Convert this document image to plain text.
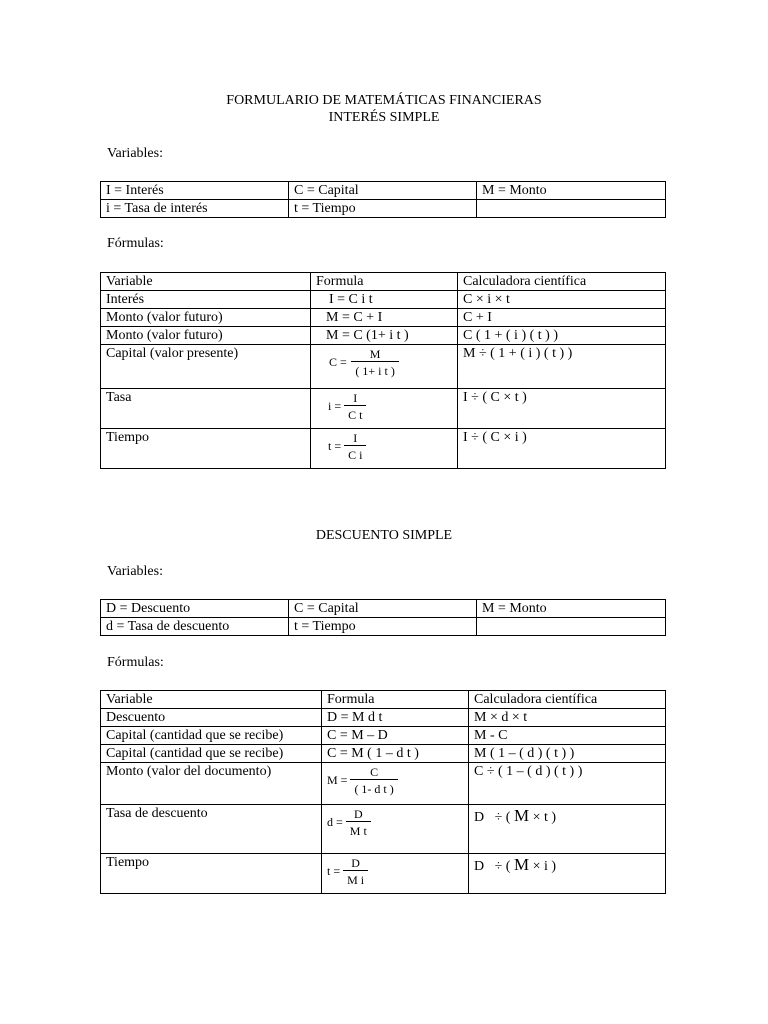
FORMULARIO DE MATEMÁTICAS FINANCIERAS
INTERÉS SIMPLE
Variables:
I = Interés	C = Capital	M = Monto
i = Tasa de interés	t = Tiempo	
Fórmulas:
Variable	Formula	Calculadora científica
Interés	I = C i t	C × i × t
Monto (valor futuro)	M = C + I	C + I
Monto (valor futuro)	M = C (1+ i t )	C ( 1 + ( i ) ( t ) )
Capital (valor presente)	$C = \frac{M}{\text{( 1+ i t )}}$	M ÷ ( 1 + ( i ) ( t ) )
Tasa	$i = \frac{I}{\text{C t}}$	I ÷ ( C × t )
Tiempo	$t = \frac{I}{\text{C i}}$	I ÷ ( C × i )
DESCUENTO SIMPLE
Variables:
D = Descuento	C = Capital	M = Monto
d = Tasa de descuento	t = Tiempo	
Fórmulas:
Variable	Formula	Calculadora científica
Descuento	D = M d t	M × d × t
Capital (cantidad que se recibe)	C = M – D	M - C
Capital (cantidad que se recibe)	C = M ( 1 – d t )	M ( 1 – ( d ) ( t ) )
Monto (valor del documento)	$M = \frac{C}{\text{( 1- d t )}}$	C ÷ ( 1 – ( d ) ( t ) )
Tasa de descuento	$d = \frac{D}{\text{M t}}$	D   ÷ ( M × t )
Tiempo	$t = \frac{D}{\text{M i}}$	D   ÷ ( M × i )
